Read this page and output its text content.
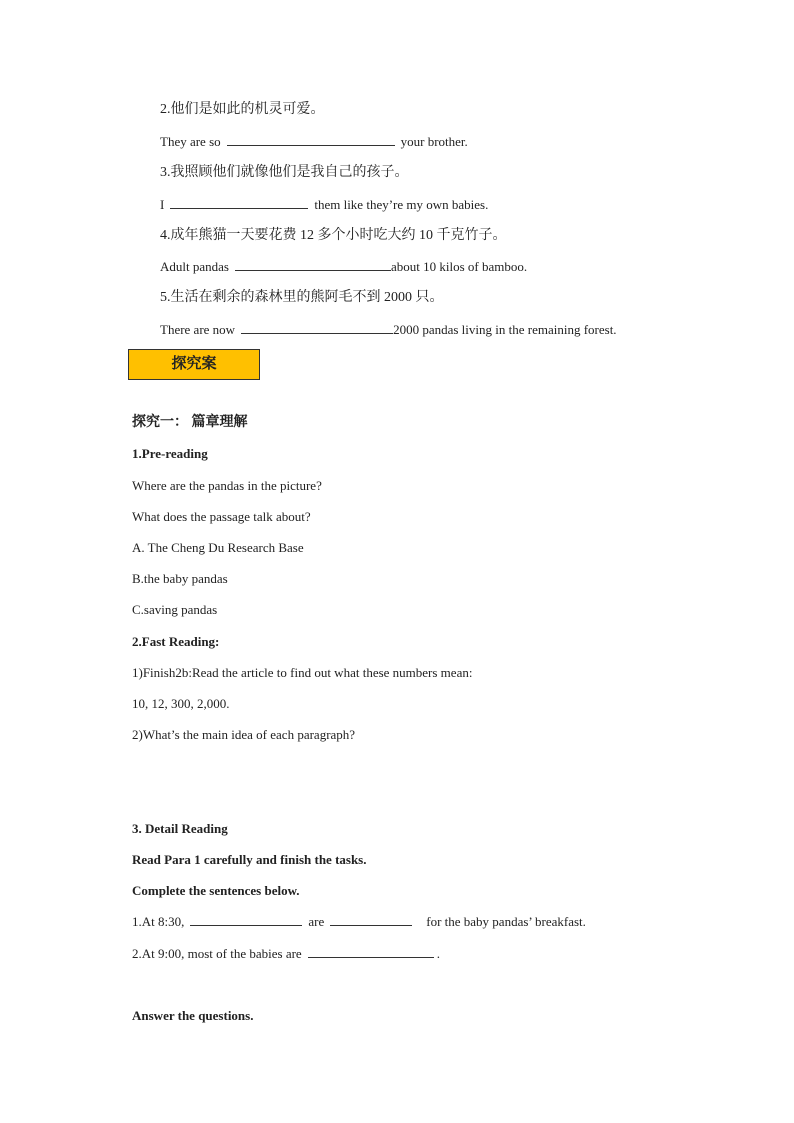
2.他们是如此的机灵可爱。
They are so	your brother.
3.我照顾他们就像他们是我自己的孩子。
I	them like they’re my own babies.
4.成年熊猫一天要花费 12 多个小时吃大约 10 千克竹子。
Adult pandas	about 10 kilos of bamboo.
5.生活在剩余的森林里的熊阿毛不到 2000 只。
There are now	2000 pandas living in the remaining forest.
探究案
探究一： 篇章理解
1.Pre-reading
Where are the pandas in the picture?
What does the passage talk about?
A. The Cheng Du Research Base
B.the baby pandas
C.saving pandas
2.Fast Reading:
1)Finish2b:Read the article to find out what these numbers mean:
10, 12, 300, 2,000.
2)What’s the main idea of each paragraph?
3. Detail Reading
Read Para 1 carefully and finish the tasks.
Complete the sentences below.
1.At 8:30,	are	for the baby pandas’ breakfast.
2.At 9:00, most of the babies are	.
Answer the questions.
